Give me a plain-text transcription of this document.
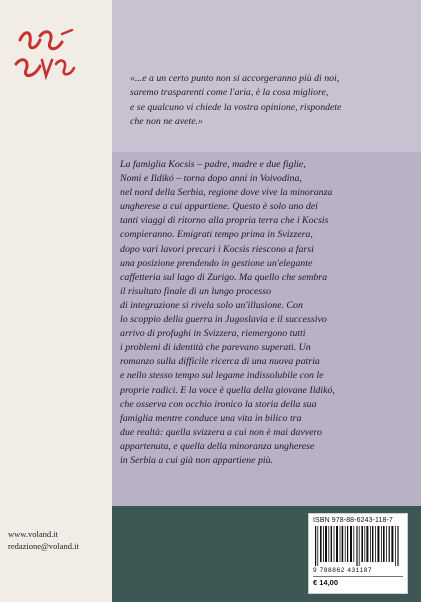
«...e a un certo punto non si accorgeranno più di noi,
saremo trasparenti come l'aria, è la cosa migliore,
e se qualcuno vi chiede la vostra opinione, rispondete
che non ne avete.»
La famiglia Kocsis – padre, madre e due figlie,
Nomi e Ildikó – torna dopo anni in Voivodina,
nel nord della Serbia, regione dove vive la minoranza
ungherese a cui appartiene. Questo è solo uno dei
tanti viaggi di ritorno alla propria terra che i Kocsis
compieranno. Emigrati tempo prima in Svizzera,
dopo vari lavori precari i Kocsis riescono a farsi
una posizione prendendo in gestione un'elegante
caffetteria sul lago di Zurigo. Ma quello che sembra
il risultato finale di un lungo processo
di integrazione si rivela solo un'illusione. Con
lo scoppio della guerra in Jugoslavia e il successivo
arrivo di profughi in Svizzera, riemergono tutti
i problemi di identità che parevano superati. Un
romanzo sulla difficile ricerca di una nuova patria
e nello stesso tempo sul legame indissolubile con le
proprie radici. E la voce è quella della giovane Ildikó,
che osserva con occhio ironico la storia della sua
famiglia mentre conduce una vita in bilico tra
due realtà: quella svizzera a cui non è mai davvero
appartenuta, e quella della minoranza ungherese
in Serbia a cui già non appartiene più.
www.voland.it
redazione@voland.it
ISBN 978-88-6243-118-7
9 788862 431187
€ 14,00
